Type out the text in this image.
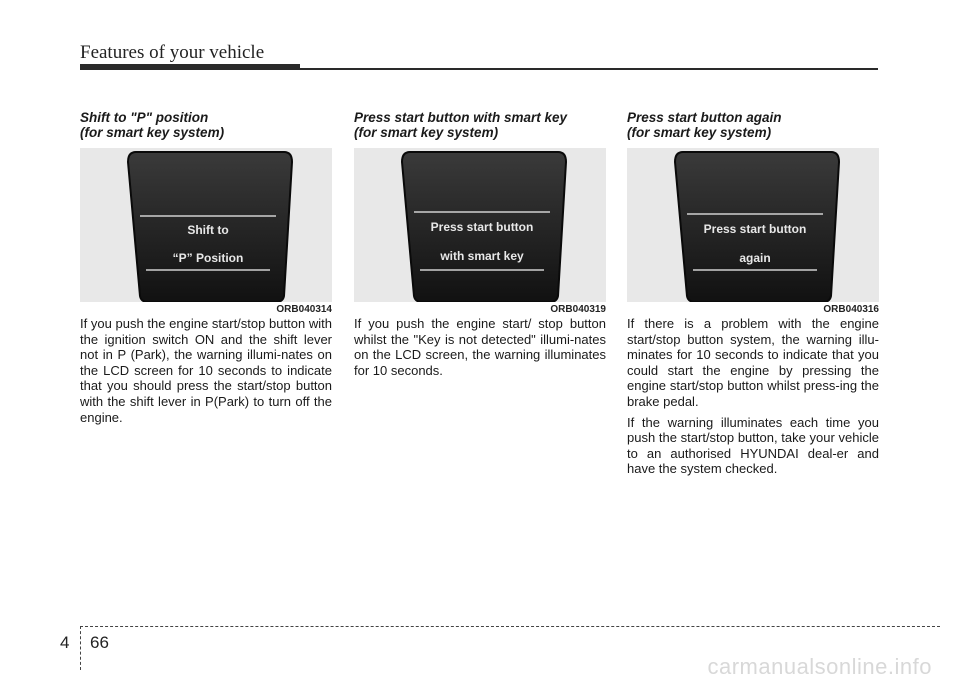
Features of your vehicle
Shift to "P" position
(for smart key system)
Shift to
“P” Position
ORB040314

If you push the engine start/stop button with the ignition switch ON and the shift lever not in P (Park), the warning illumi-nates on the LCD screen for 10 seconds to indicate that you should press the start/stop button with the shift lever in P(Park) to turn off the engine.

Press start button with smart key
(for smart key system)
Press start button
with smart key
ORB040319

If you push the engine start/ stop button whilst the "Key is not detected" illumi-nates on the LCD screen, the warning illuminates for 10 seconds.

Press start button again
(for smart key system)
Press start button
again
ORB040316

If there is a problem with the engine start/stop button system, the warning illu-minates for 10 seconds to indicate that you could start the engine by pressing the engine start/stop button whilst press-ing the brake pedal.

If the warning illuminates each time you push the start/stop button, take your vehicle to an authorised HYUNDAI deal-er and have the system checked.

4 66
carmanualsonline.info
